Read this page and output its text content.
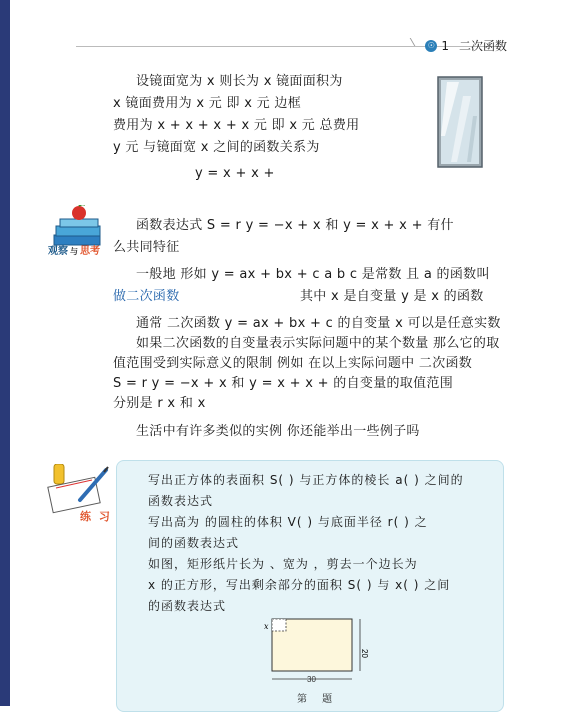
☉ 1 二次函数
设镜面宽为 x 则长为 x 镜面面积为
x 镜面费用为 x 元 即 x 元 边框
费用为 x + x + x + x 元 即 x 元 总费用
y 元 与镜面宽 x 之间的函数关系为
y = x + x +
观察 与 思考
函数表达式 S = r y = −x + x 和 y = x + x + 有什
么共同特征
一般地 形如 y = ax + bx + c a b c 是常数 且 a 的函数叫
做二次函数	其中 x 是自变量 y 是 x 的函数
通常 二次函数 y = ax + bx + c 的自变量 x 可以是任意实数
如果二次函数的自变量表示实际问题中的某个数量 那么它的取
值范围受到实际意义的限制 例如 在以上实际问题中 二次函数
S = r y = −x + x 和 y = x + x + 的自变量的取值范围
分别是 r x 和 x
生活中有许多类似的实例 你还能举出一些例子吗
练 习
写出正方体的表面积 S( ) 与正方体的棱长 a( ) 之间的
函数表达式
写出高为 的圆柱的体积 V( ) 与底面半径 r( ) 之
间的函数表达式
如图，矩形纸片长为 、宽为 ，剪去一个边长为
x 的正方形，写出剩余部分的面积 S( ) 与 x( ) 之间
的函数表达式
20
30
x
第 题
